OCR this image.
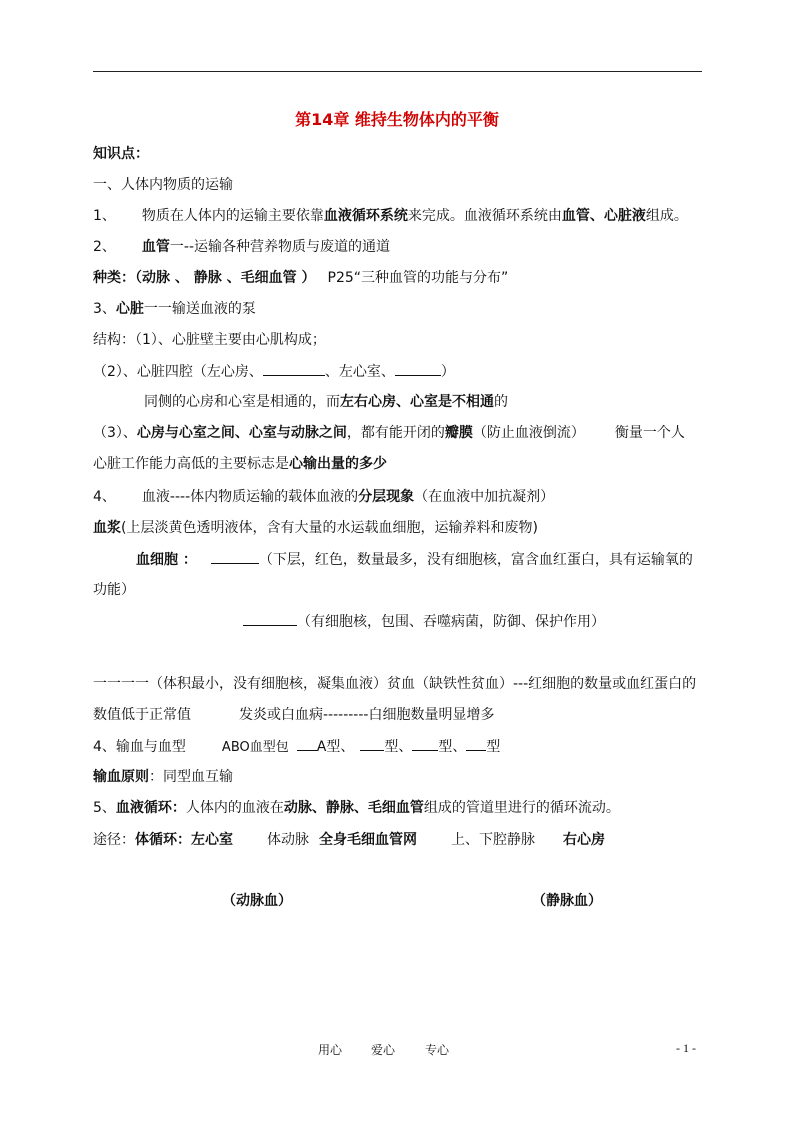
第14章 维持生物体内的平衡
知识点：
一、人体内物质的运输
1、 物质在人体内的运输主要依靠血液循环系统来完成。血液循环系统由血管、心脏液组成。
2、 血管一--运输各种营养物质与废道的通道
种类：（动脉 、 静脉 、毛细血管 ） P25“三种血管的功能与分布”
3、心脏一一输送血液的泵
结构：（1）、心脏壁主要由心肌构成；
（2）、心脏四腔（左心房、	、左心室、	）
同侧的心房和心室是相通的，而左右心房、心室是不相通的
（3）、心房与心室之间、心室与动脉之间，都有能开闭的瓣膜（防止血液倒流） 衡量一个人
心脏工作能力高低的主要标志是心输出量的多少
4、 血液----体内物质运输的载体血液的分层现象（在血液中加抗凝剂）
血浆(上层淡黄色透明液体，含有大量的水运载血细胞，运输养料和废物)
血细胞 ：	（下层，红色，数量最多，没有细胞核，富含血红蛋白，具有运输氧的
功能）
（有细胞核，包围、吞噬病菌，防御、保护作用）
一一一一（体积最小，没有细胞核，凝集血液）贫血（缺铁性贫血）---红细胞的数量或血红蛋白的
数值低于正常值	发炎或白血病---------白细胞数量明显增多
4、输血与血型	ABO血型包 A型、 型、 型、 型
输血原则：同型血互输
5、血液循环：人体内的血液在动脉、静脉、毛细血管组成的管道里进行的循环流动。
途径：体循环：左心室 体动脉 全身毛细血管网 上、下腔静脉 右心房
（动脉血）	（静脉血）
用心 爱心 专心	- 1 -
